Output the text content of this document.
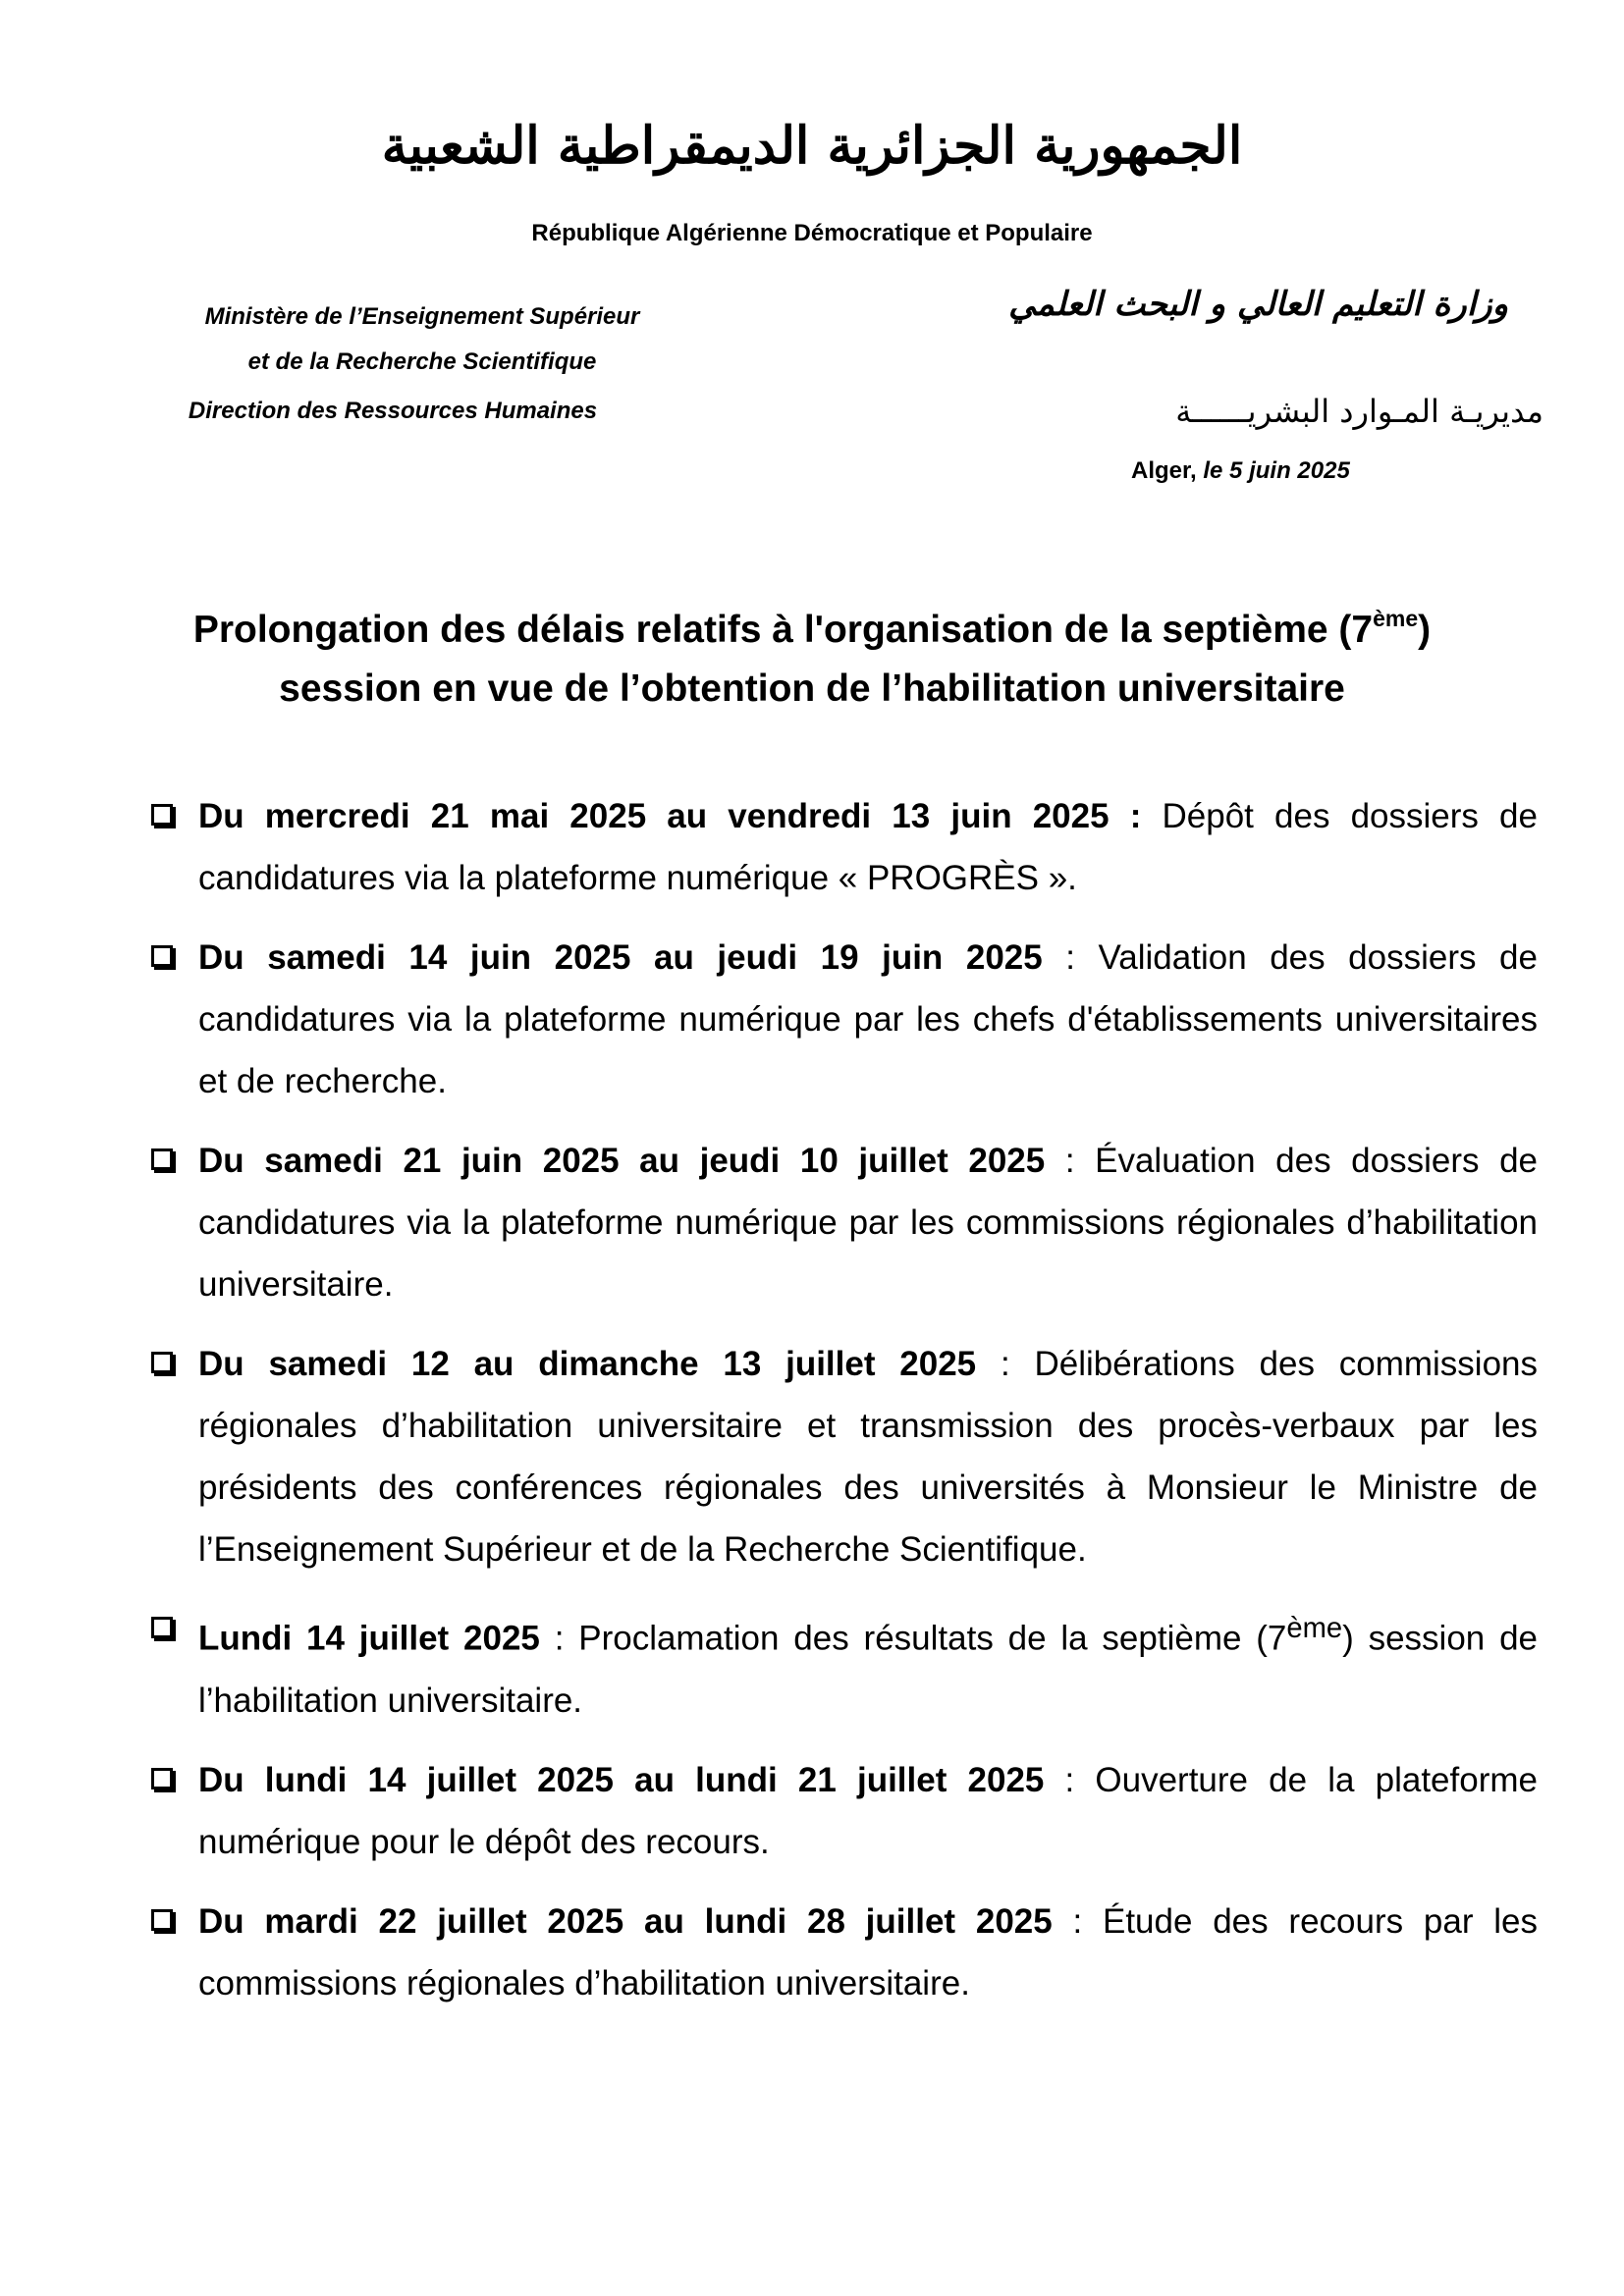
الجمهورية الجزائرية الديمقراطية الشعبية
République Algérienne Démocratique et Populaire
Ministère de l’Enseignement Supérieur
et de la Recherche Scientifique
Direction des Ressources Humaines
وزارة التعليم العالي و البحث العلمي
مديريـة المـوارد البشريــــــة
Alger, le 5 juin 2025
Prolongation des délais relatifs à l'organisation de la septième (7ème)
session en vue de l’obtention de l’habilitation universitaire
Du mercredi 21 mai 2025 au vendredi 13 juin 2025 : Dépôt des dossiers de candidatures via la plateforme numérique « PROGRÈS ».
Du samedi 14 juin 2025 au jeudi 19 juin 2025 : Validation des dossiers de candidatures via la plateforme numérique par les chefs d'établissements universitaires et de recherche.
Du samedi 21 juin 2025 au jeudi 10 juillet 2025 : Évaluation des dossiers de candidatures via la plateforme numérique par les commissions régionales d’habilitation universitaire.
Du samedi 12 au dimanche 13 juillet 2025 : Délibérations des commissions régionales d’habilitation universitaire et transmission des procès-verbaux par les présidents des conférences régionales des universités à Monsieur le Ministre de l’Enseignement Supérieur et de la Recherche Scientifique.
Lundi 14 juillet 2025 : Proclamation des résultats de la septième (7ème) session de l’habilitation universitaire.
Du lundi 14 juillet 2025 au lundi 21 juillet 2025 : Ouverture de la plateforme numérique pour le dépôt des recours.
Du mardi 22 juillet 2025 au lundi 28 juillet 2025 : Étude des recours par les commissions régionales d’habilitation universitaire.
